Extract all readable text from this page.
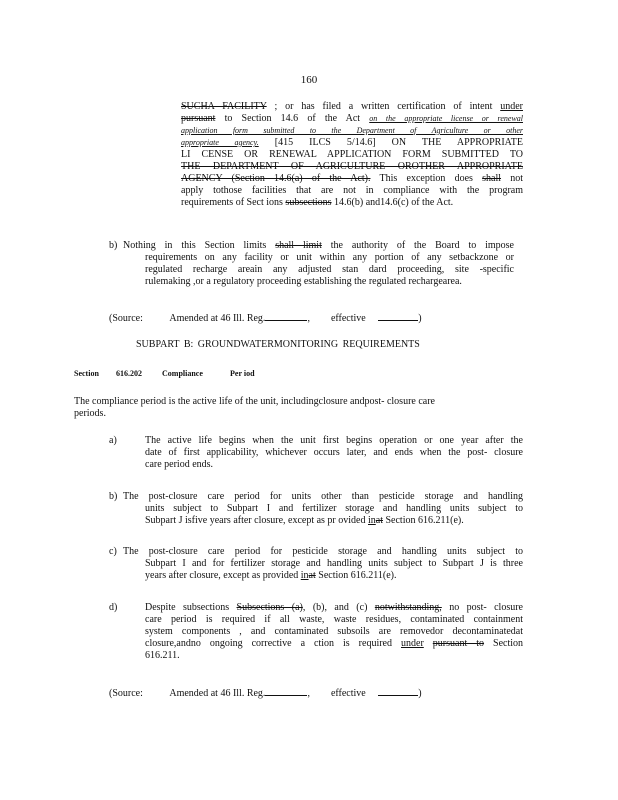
160

SUCHA FACILITY ; or has filed a written certification of intent under

pursuant to Section 14.6 of the Act on the appropriate license or renewal

application form submitted to the Department of Agriculture or other

appropriate agency. [415 ILCS 5/14.6] ON THE APPROPRIATE

LI CENSE OR RENEWAL APPLICATION FORM SUBMITTED TO

THE DEPARTMENT OF AGRICULTURE OROTHER APPROPRIATE

AGENCY (Section 14.6(a) of the Act). This exception does shall not

apply tothose facilities that are not in compliance with the program

requirements of Sect ions subsections 14.6(b) and14.6(c) of the Act.

b) Nothing in this Section limits shall limit the authority of the Board to impose

requirements on any facility or unit within any portion of any setbackzone or

regulated recharge areain any adjusted stan dard proceeding, site -specific

rulemaking ,or a regulatory proceeding establishing the regulated rechargearea.

(Source:	Amended at 46 Ill. Reg.	,  effective	)
SUBPART B: GROUNDWATERMONITORING REQUIREMENTS
Section 616.202	Compliance	Per iod

The compliance period is the active life of the unit, includingclosure andpost- closure care

periods.

a)	The active life begins when the unit first begins operation or one year after the

date of first applicability, whichever occurs later, and ends when the post- closure

care period ends.

b) The post-closure care period for units other than pesticide storage and handling

units subject to Subpart I and fertilizer storage and handling units subject to

Subpart J isfive years after closure, except as pr ovided inat Section 616.211(e).

c) The post-closure care period for pesticide storage and handling units subject to

Subpart I and for fertilizer storage and handling units subject to Subpart J is three

years after closure, except as provided inat Section 616.211(e).

d)	Despite subsections Subsections (a), (b), and (c) notwithstanding, no post- closure

care period is required if all waste, waste residues, contaminated containment

system components , and contaminated subsoils are removedor decontaminatedat

closure,andno ongoing corrective a ction is required under pursuant to Section

616.211.

(Source:	Amended at 46 Ill. Reg.	,  effective	)
